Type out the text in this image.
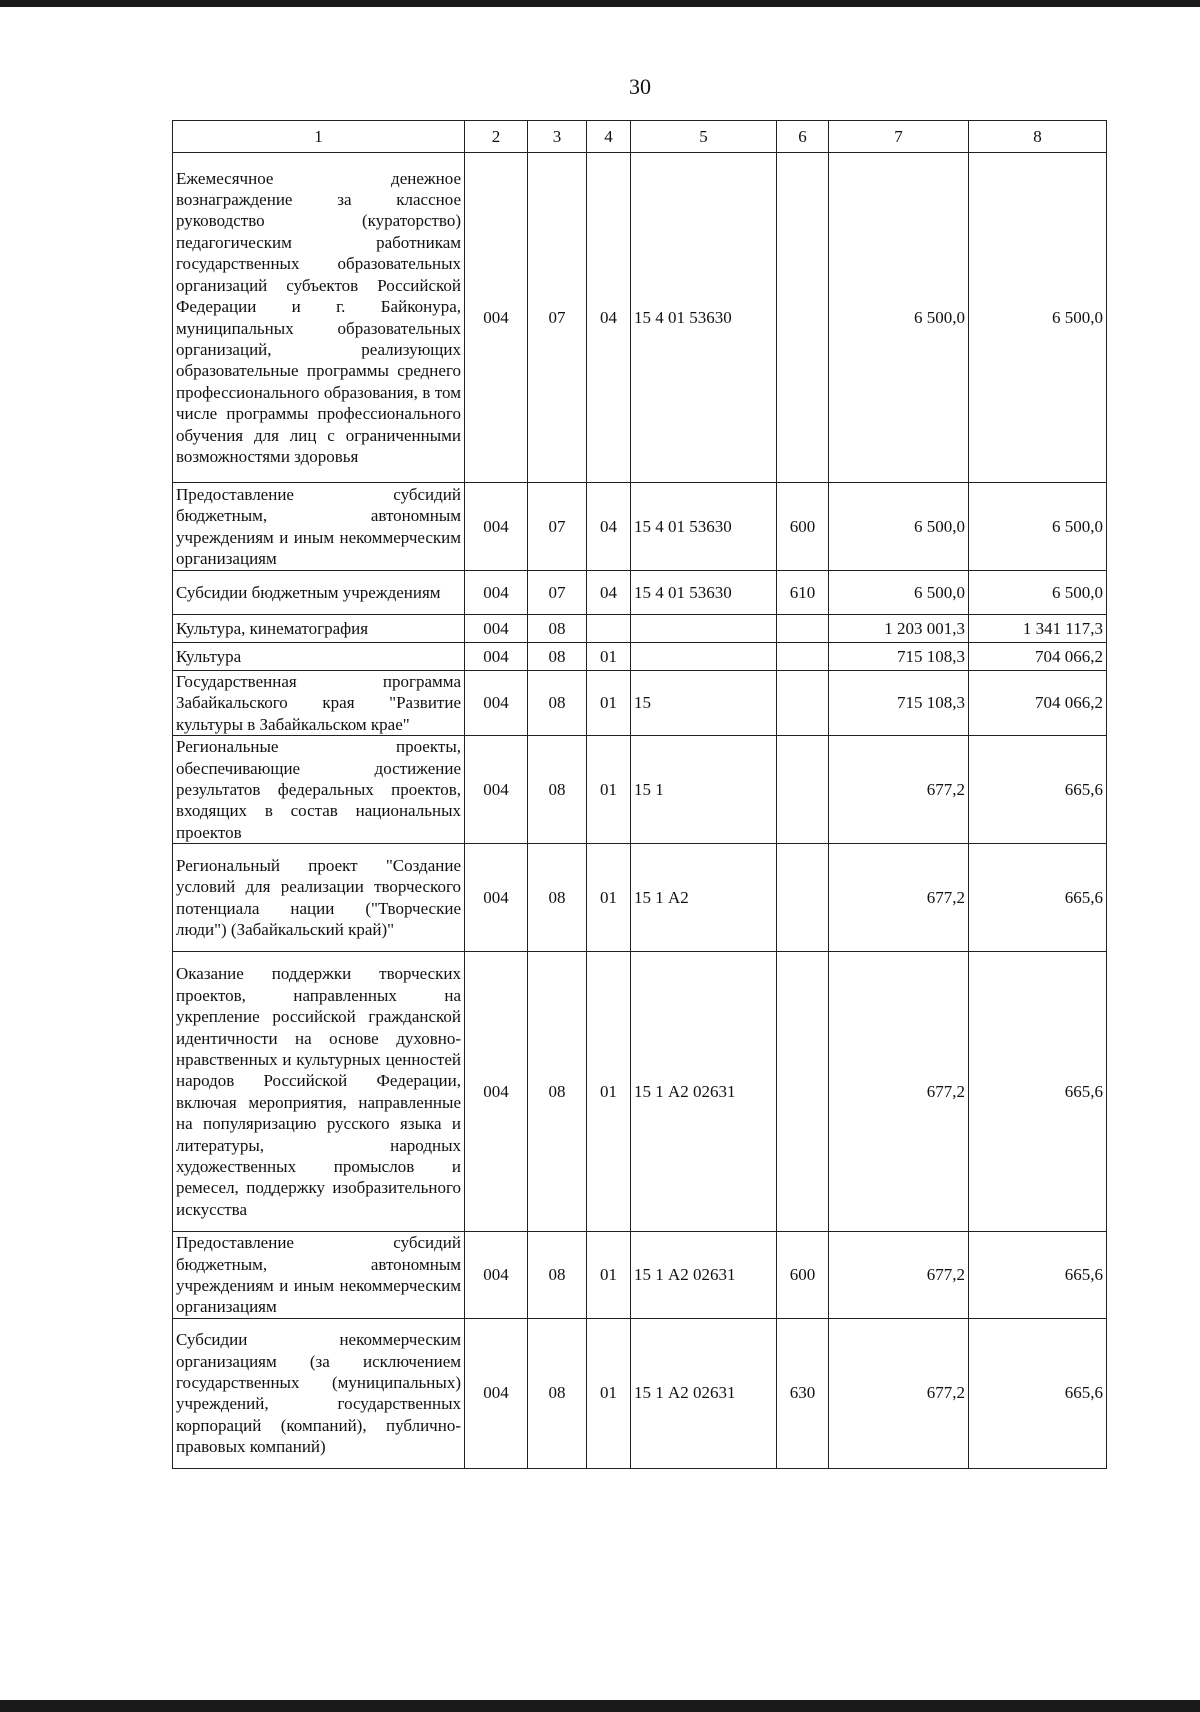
30
1	2	3	4	5	6	7	8
Ежемесячное денежное вознаграждение за классное руководство (кураторство) педагогическим работникам государственных образовательных организаций субъектов Российской Федерации и г. Байконура, муниципальных образовательных организаций, реализующих образовательные программы среднего профессионального образования, в том числе программы профессионального обучения для лиц с ограниченными возможностями здоровья	004	07	04	15 4 01 53630		6 500,0	6 500,0
Предоставление субсидий бюджетным, автономным учреждениям и иным некоммерческим организациям	004	07	04	15 4 01 53630	600	6 500,0	6 500,0
Субсидии бюджетным учреждениям	004	07	04	15 4 01 53630	610	6 500,0	6 500,0
Культура, кинематография	004	08				1 203 001,3	1 341 117,3
Культура	004	08	01			715 108,3	704 066,2
Государственная программа Забайкальского края "Развитие культуры в Забайкальском крае"	004	08	01	15		715 108,3	704 066,2
Региональные проекты, обеспечивающие достижение результатов федеральных проектов, входящих в состав национальных проектов	004	08	01	15 1		677,2	665,6
Региональный проект "Создание условий для реализации творческого потенциала нации ("Творческие люди") (Забайкальский край)"	004	08	01	15 1 А2		677,2	665,6
Оказание поддержки творческих проектов, направленных на укрепление российской гражданской идентичности на основе духовно-нравственных и культурных ценностей народов Российской Федерации, включая мероприятия, направленные на популяризацию русского языка и литературы, народных художественных промыслов и ремесел, поддержку изобразительного искусства	004	08	01	15 1 А2 02631		677,2	665,6
Предоставление субсидий бюджетным, автономным учреждениям и иным некоммерческим организациям	004	08	01	15 1 А2 02631	600	677,2	665,6
Субсидии некоммерческим организациям (за исключением государственных (муниципальных) учреждений, государственных корпораций (компаний), публично-правовых компаний)	004	08	01	15 1 А2 02631	630	677,2	665,6
